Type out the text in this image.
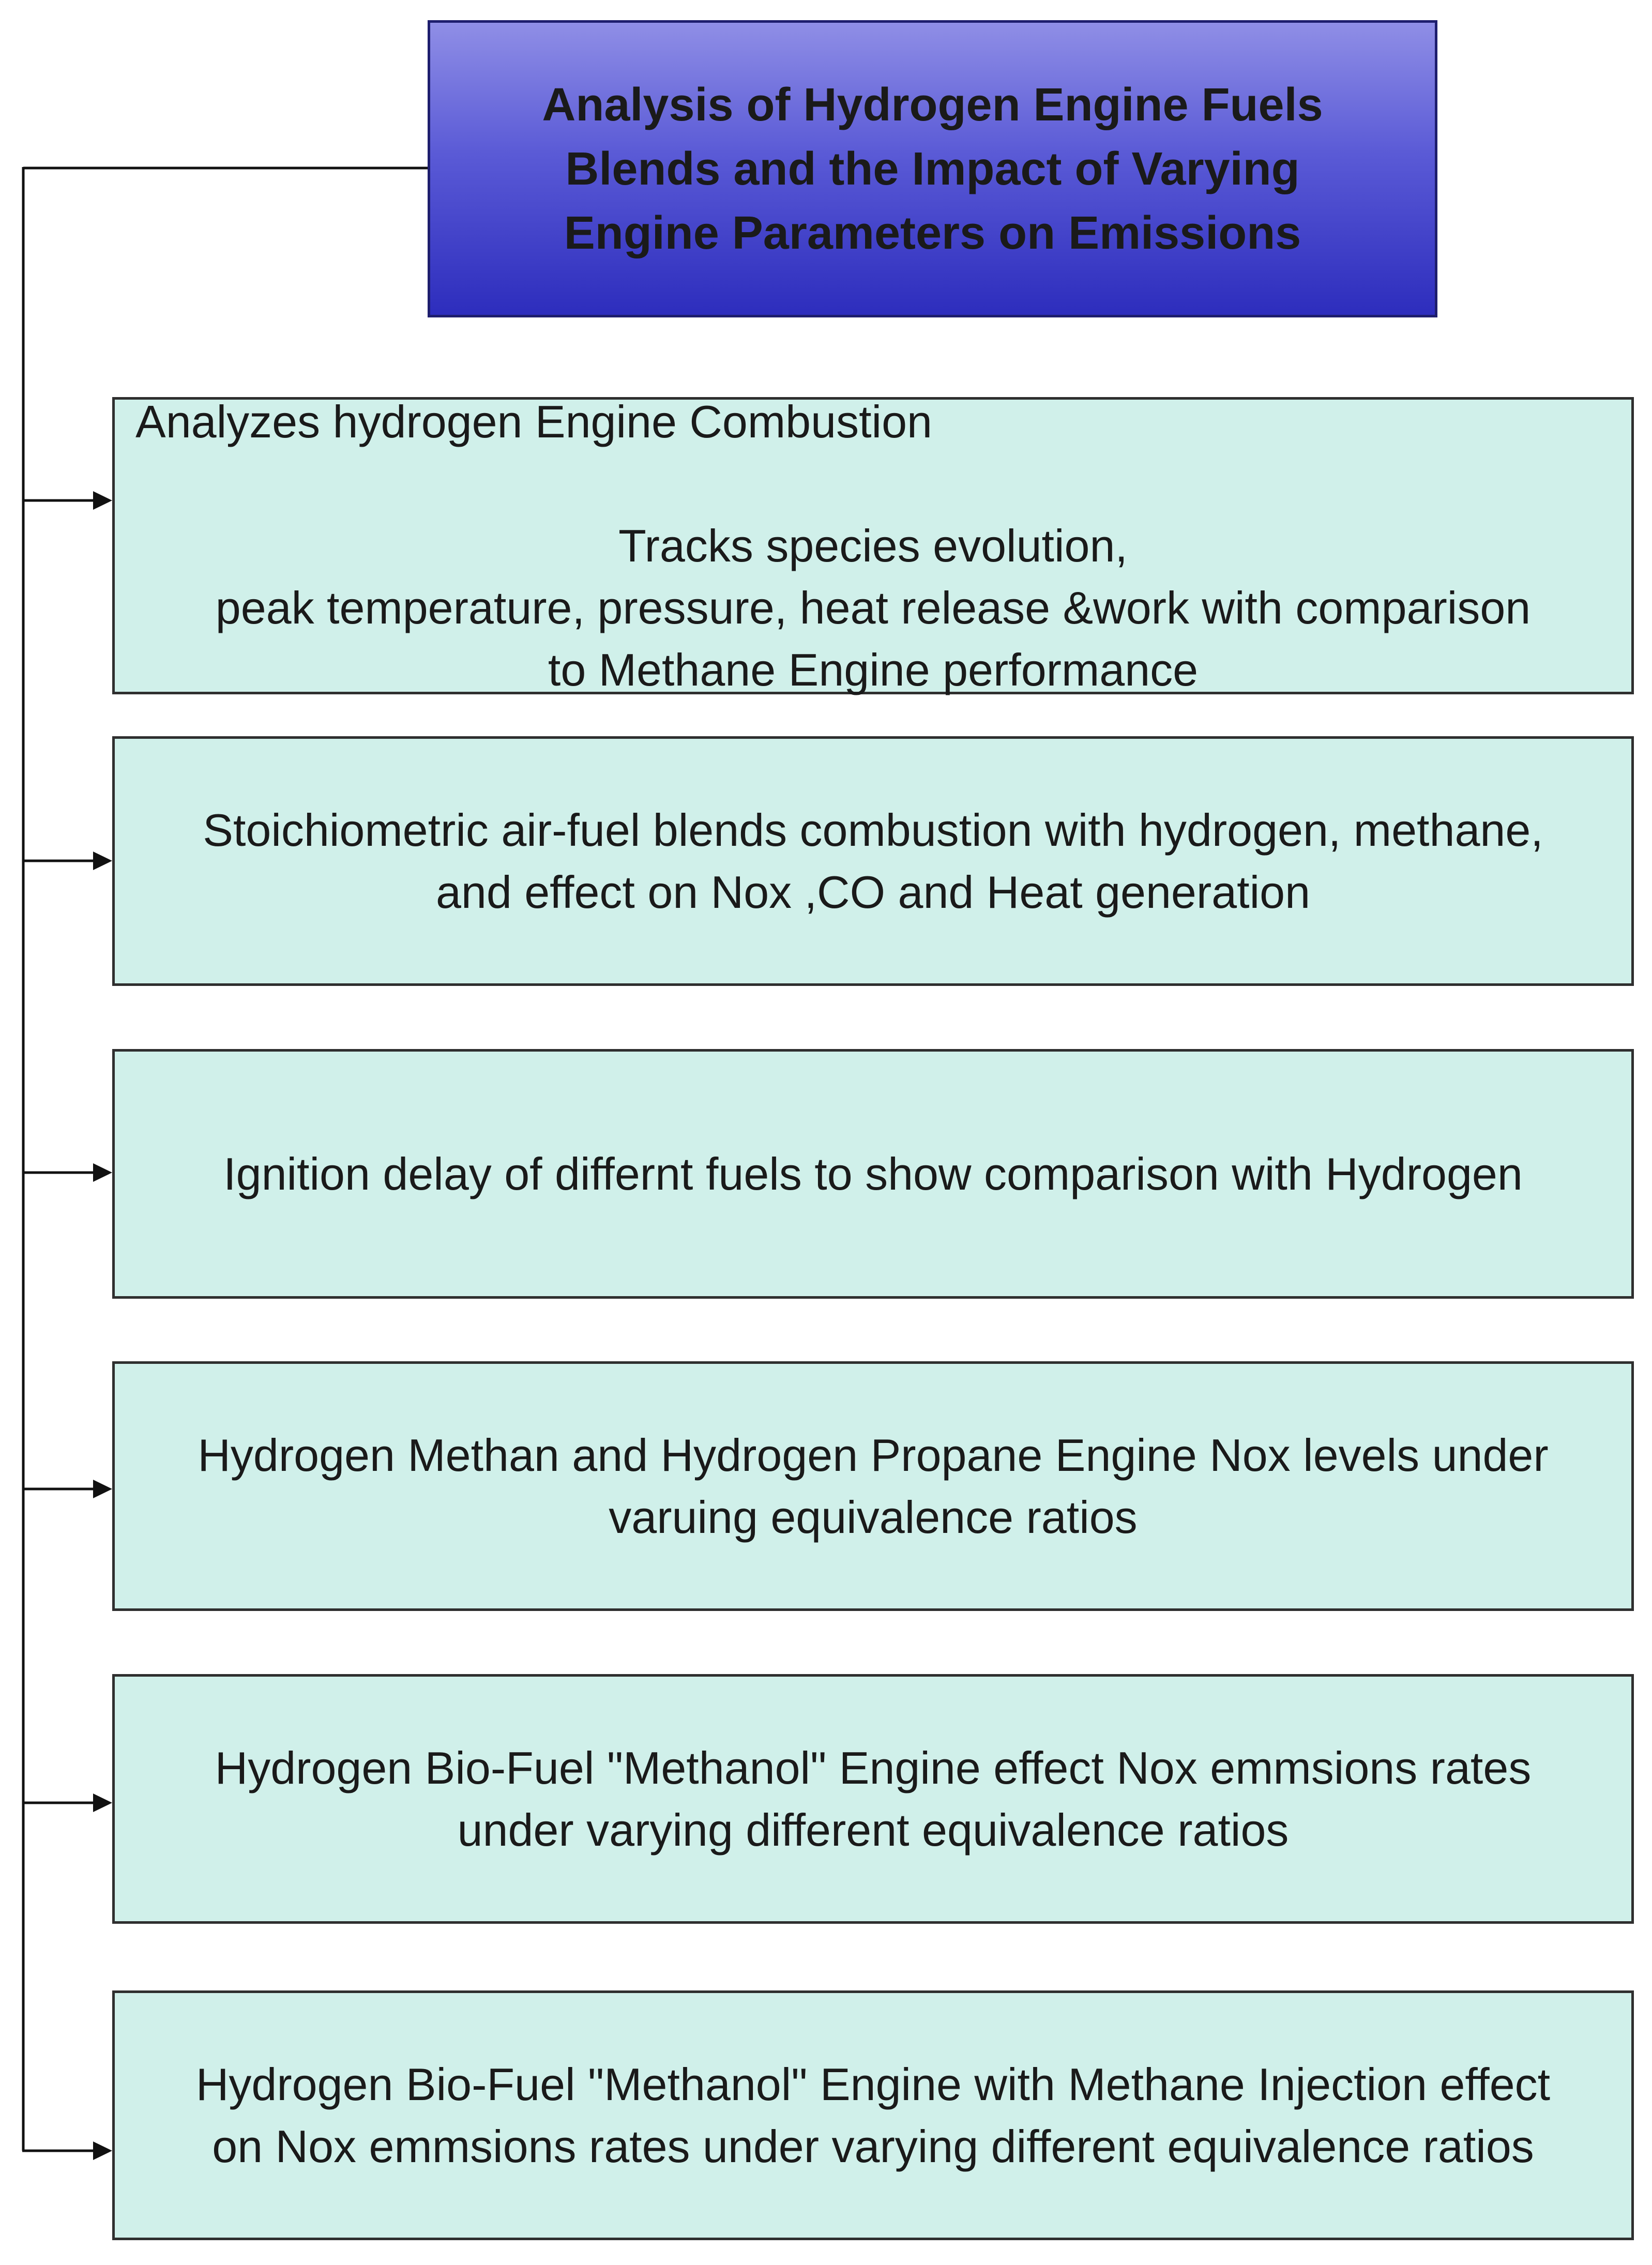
Analysis of Hydrogen Engine Fuels Blends and the Impact of Varying Engine Parameters on Emissions

Analyzes hydrogen Engine Combustion

Tracks species evolution,
peak temperature, pressure, heat release &work with comparison
to Methane Engine performance

Stoichiometric air-fuel blends combustion with hydrogen, methane,
and effect on Nox ,CO and Heat generation
Ignition delay of differnt fuels to show comparison with Hydrogen
Hydrogen Methan and Hydrogen Propane Engine Nox levels under
varuing equivalence ratios
Hydrogen Bio-Fuel "Methanol" Engine effect Nox emmsions rates
under varying different equivalence ratios
Hydrogen Bio-Fuel "Methanol" Engine with Methane Injection effect
on Nox emmsions rates under varying different equivalence ratios
